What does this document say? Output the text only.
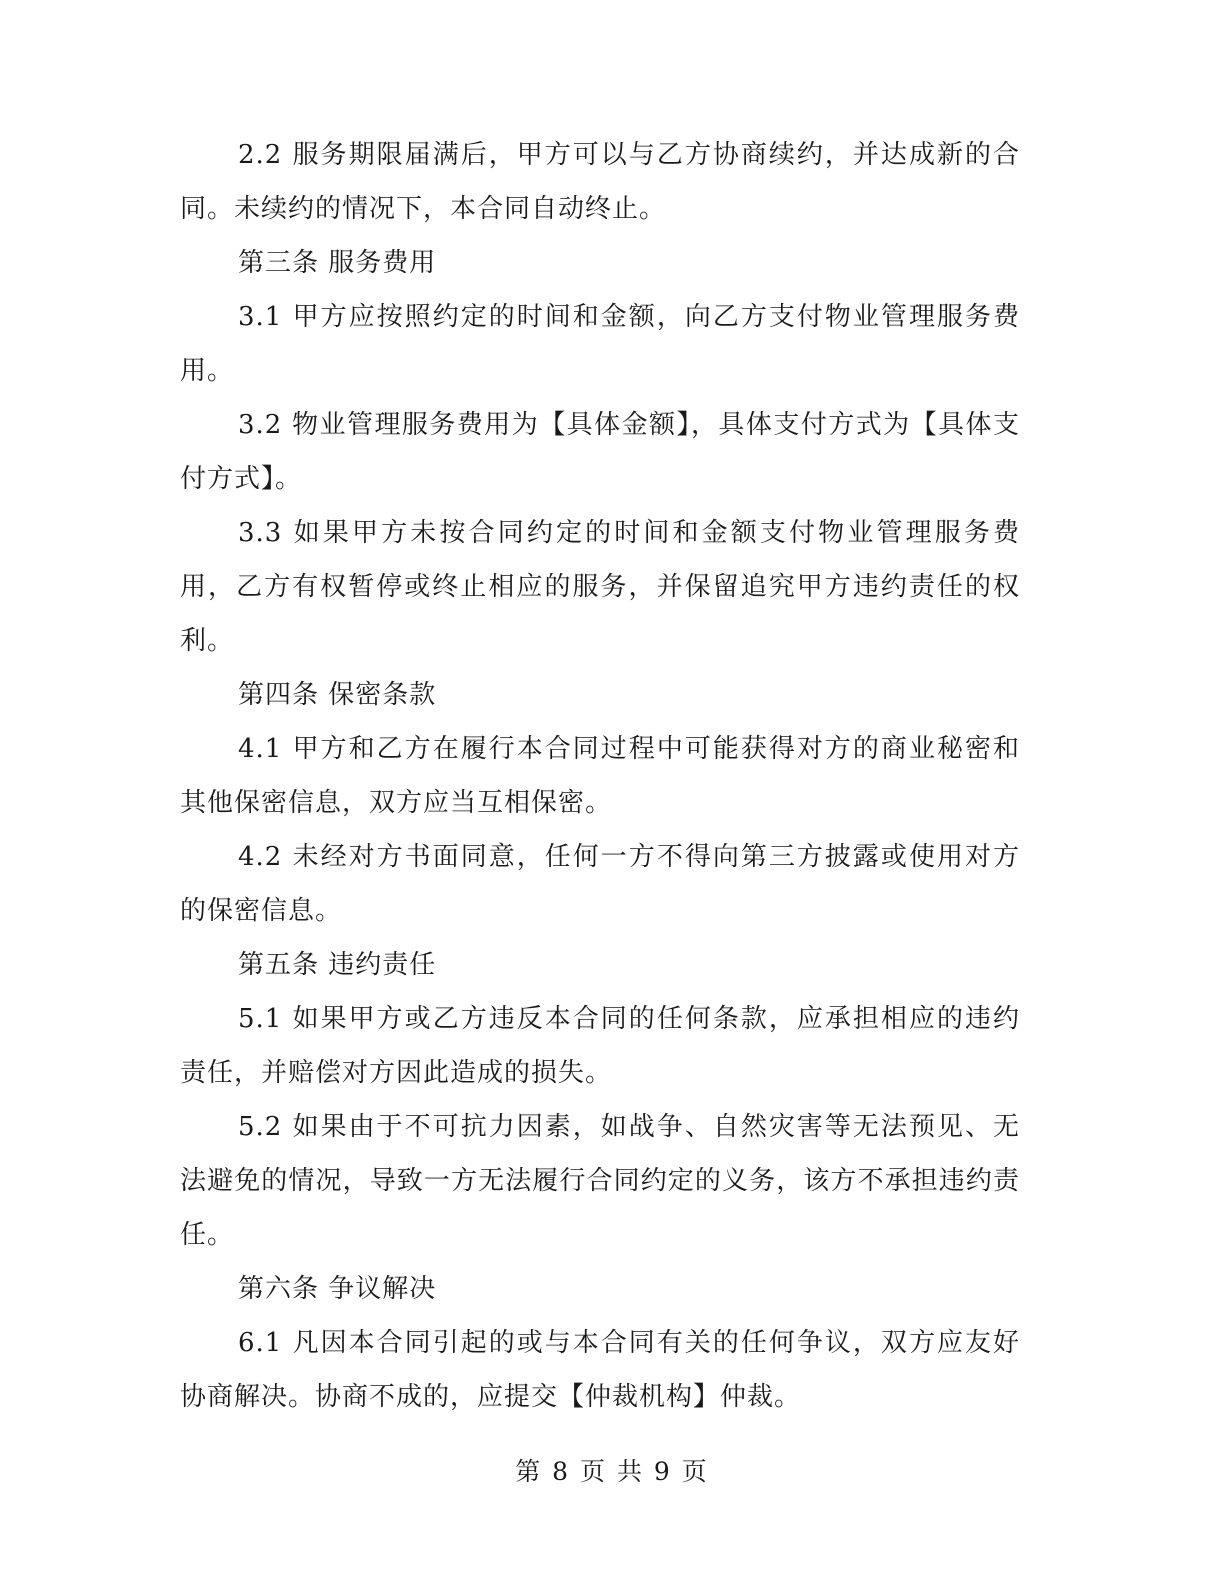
2.2 服务期限届满后，甲方可以与乙方协商续约，并达成新的合同。未续约的情况下，本合同自动终止。

第三条 服务费用

3.1 甲方应按照约定的时间和金额，向乙方支付物业管理服务费用。

3.2 物业管理服务费用为【具体金额】，具体支付方式为【具体支付方式】。

3.3 如果甲方未按合同约定的时间和金额支付物业管理服务费用，乙方有权暂停或终止相应的服务，并保留追究甲方违约责任的权利。

第四条 保密条款

4.1 甲方和乙方在履行本合同过程中可能获得对方的商业秘密和其他保密信息，双方应当互相保密。

4.2 未经对方书面同意，任何一方不得向第三方披露或使用对方的保密信息。

第五条 违约责任

5.1 如果甲方或乙方违反本合同的任何条款，应承担相应的违约责任，并赔偿对方因此造成的损失。

5.2 如果由于不可抗力因素，如战争、自然灾害等无法预见、无法避免的情况，导致一方无法履行合同约定的义务，该方不承担违约责任。

第六条 争议解决

6.1 凡因本合同引起的或与本合同有关的任何争议，双方应友好协商解决。协商不成的，应提交【仲裁机构】仲裁。

第 8 页 共 9 页
